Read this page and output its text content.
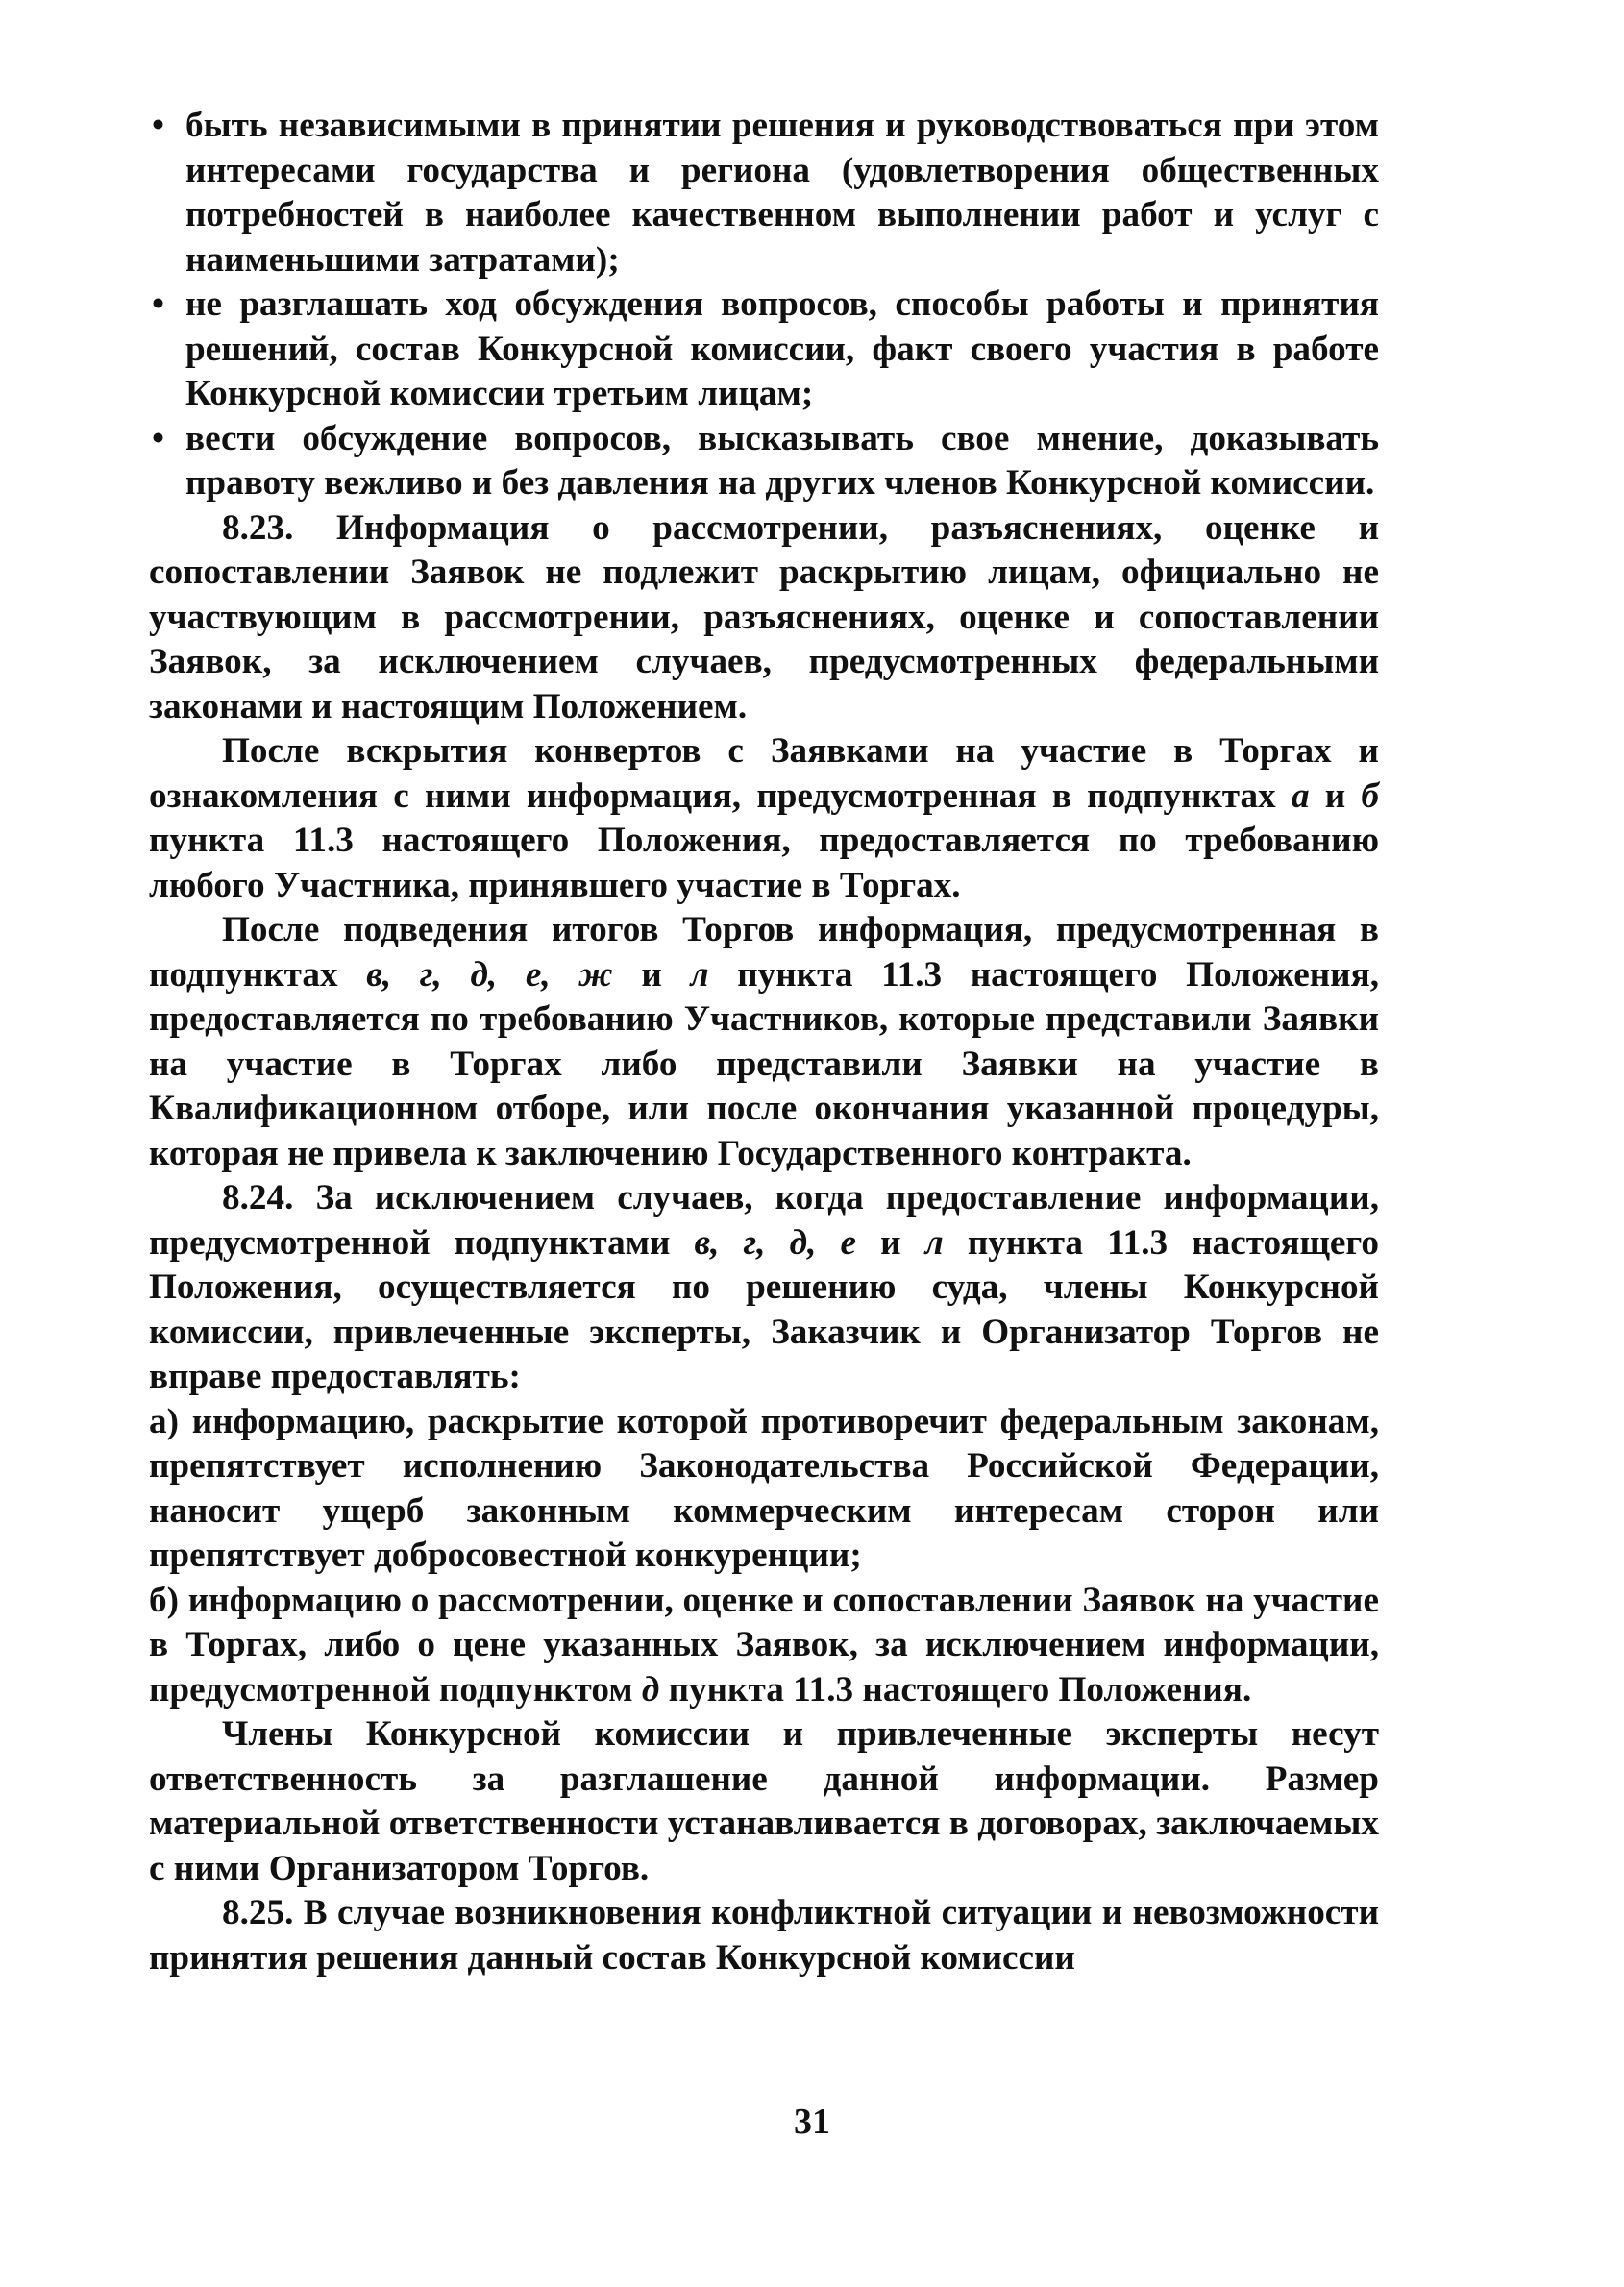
• быть независимыми в принятии решения и руководствоваться при этом интересами государства и региона (удовлетворения общественных потребностей в наиболее качественном выполнении работ и услуг с наименьшими затратами);

• не разглашать ход обсуждения вопросов, способы работы и принятия решений, состав Конкурсной комиссии, факт своего участия в работе Конкурсной комиссии третьим лицам;

• вести обсуждение вопросов, высказывать свое мнение, доказывать правоту вежливо и без давления на других членов Конкурсной комиссии.

8.23. Информация о рассмотрении, разъяснениях, оценке и сопоставлении Заявок не подлежит раскрытию лицам, официально не участвующим в рассмотрении, разъяснениях, оценке и сопоставлении Заявок, за исключением случаев, предусмотренных федеральными законами и настоящим Положением.

После вскрытия конвертов с Заявками на участие в Торгах и ознакомления с ними информация, предусмотренная в подпунктах а и б пункта 11.3 настоящего Положения, предоставляется по требованию любого Участника, принявшего участие в Торгах.

После подведения итогов Торгов информация, предусмотренная в подпунктах в, г, д, е, ж и л пункта 11.3 настоящего Положения, предоставляется по требованию Участников, которые представили Заявки на участие в Торгах либо представили Заявки на участие в Квалификационном отборе, или после окончания указанной процедуры, которая не привела к заключению Государственного контракта.

8.24. За исключением случаев, когда предоставление информации, предусмотренной подпунктами в, г, д, е и л пункта 11.3 настоящего Положения, осуществляется по решению суда, члены Конкурсной комиссии, привлеченные эксперты, Заказчик и Организатор Торгов не вправе предоставлять:

а) информацию, раскрытие которой противоречит федеральным законам, препятствует исполнению Законодательства Российской Федерации, наносит ущерб законным коммерческим интересам сторон или препятствует добросовестной конкуренции;

б) информацию о рассмотрении, оценке и сопоставлении Заявок на участие в Торгах, либо о цене указанных Заявок, за исключением информации, предусмотренной подпунктом д пункта 11.3 настоящего Положения.

Члены Конкурсной комиссии и привлеченные эксперты несут ответственность за разглашение данной информации. Размер материальной ответственности устанавливается в договорах, заключаемых с ними Организатором Торгов.

8.25. В случае возникновения конфликтной ситуации и невозможности принятия решения данный состав Конкурсной комиссии

31
